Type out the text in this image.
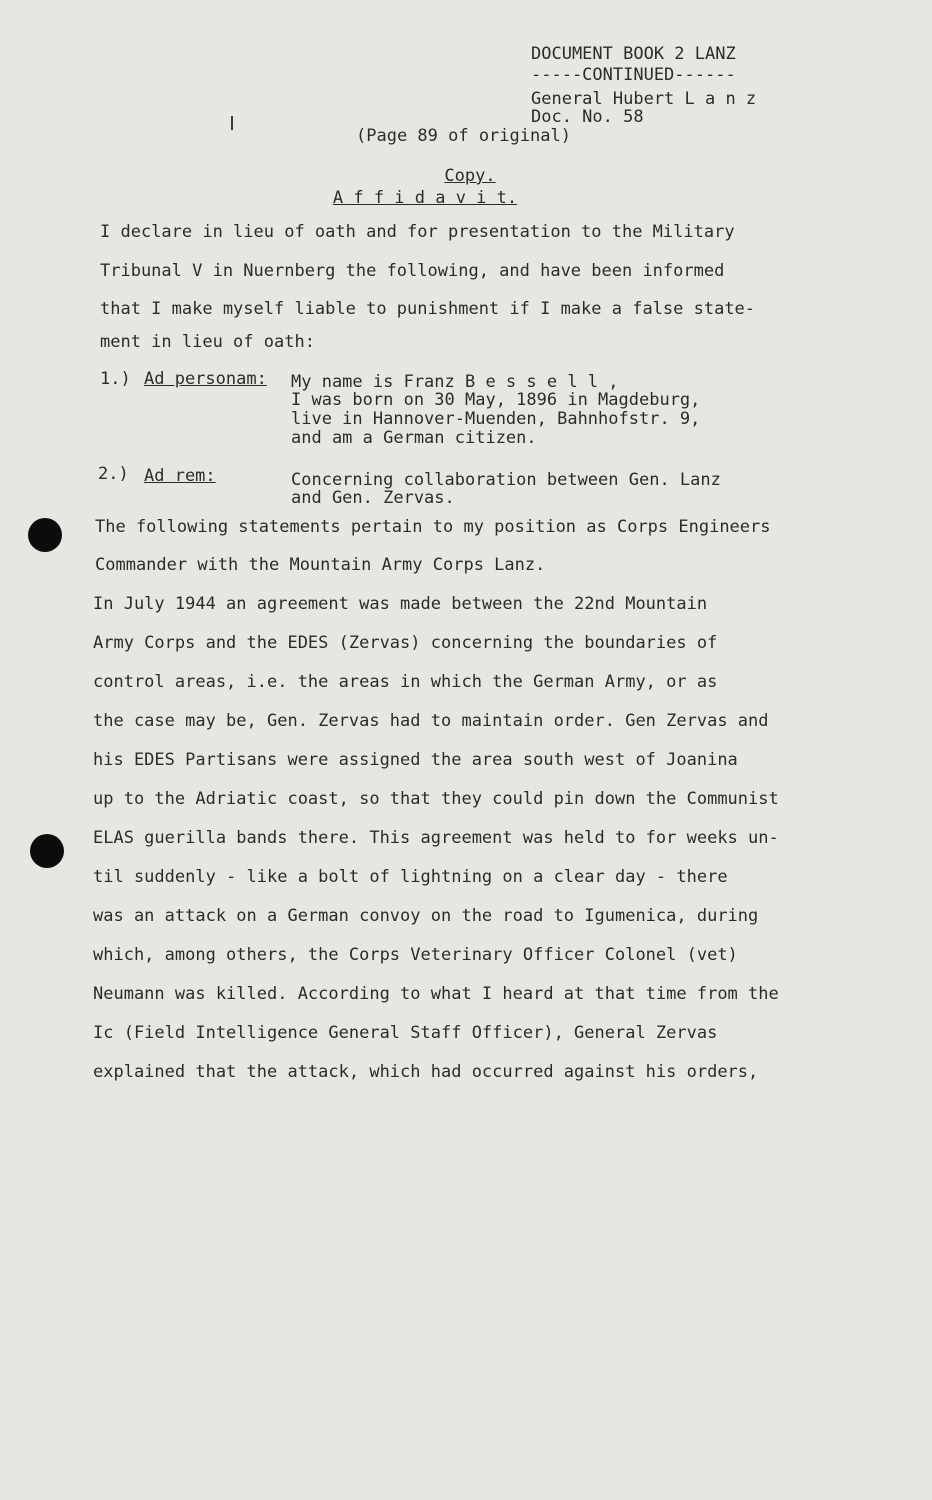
DOCUMENT BOOK 2 LANZ
-----CONTINUED------
General Hubert L a n z
Doc. No. 58
(Page 89 of original)
Copy.
A f f i d a v i t.
I declare in lieu of oath and for presentation to the Military
Tribunal V in Nuernberg the following, and have been informed
that I make myself liable to punishment if I make a false state-
ment in lieu of oath:
1.) Ad personam: My name is Franz B e s s e l l ,
I was born on 30 May, 1896 in Magdeburg,
live in Hannover-Muenden, Bahnhofstr. 9,
and am a German citizen.
2.) Ad rem:	Concerning collaboration between Gen. Lanz
and Gen. Zervas.
The following statements pertain to my position as Corps Engineers
Commander with the Mountain Army Corps Lanz.
In July 1944 an agreement was made between the 22nd Mountain
Army Corps and the EDES (Zervas) concerning the boundaries of
control areas, i.e. the areas in which the German Army, or as
the case may be, Gen. Zervas had to maintain order. Gen Zervas and
his EDES Partisans were assigned the area south west of Joanina
up to the Adriatic coast, so that they could pin down the Communist
ELAS guerilla bands there. This agreement was held to for weeks un-
til suddenly - like a bolt of lightning on a clear day - there
was an attack on a German convoy on the road to Igumenica, during
which, among others, the Corps Veterinary Officer Colonel (vet)
Neumann was killed. According to what I heard at that time from the
Ic (Field Intelligence General Staff Officer), General Zervas
explained that the attack, which had occurred against his orders,
